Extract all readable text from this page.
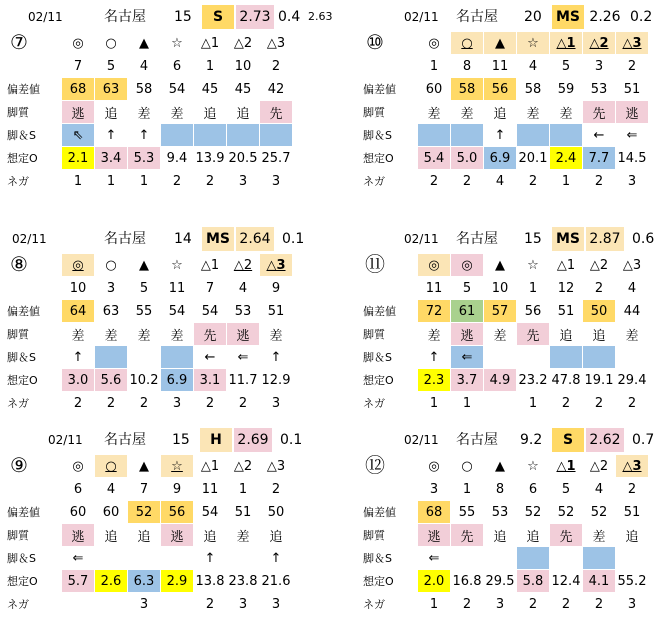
02/11	名古屋 15	S	2.73 0.4 2.63
⑦
		◎	○	▲	☆	△1	△2	△3
	7	5	4	6	1	10	2
偏差値	68	63	58	54	45	45	42
脚質	逃	追	差	差	追	追	先
脚＆S	⇖	↑	↑				
想定O	2.1	3.4	5.3	9.4	13.9	20.5	25.7
ネガ	1	1	1	2	2	3	3
02/11 名古屋 20 MS 2.26 0.2
⑩
		◎	○	▲	☆	△1	△2	△3
	1	8	11	4	5	3	2
偏差値	60	58	56	58	59	53	51
脚質	差	差	追	差	差	先	逃
脚＆S			↑			←	⇐
想定O	5.4	5.0	6.9	20.1	2.4	7.7	14.5
ネガ	2	2	4	2	1	2	3
02/11	名古屋 14 MS 2.64 0.1
⑧
		◎	○	▲	☆	△1	△2	△3
	10	3	5	11	7	4	9
偏差値	64	63	55	54	54	53	51
脚質	差	差	差	差	先	逃	差
脚＆S	↑				←	⇐	↑
想定O	3.0	5.6	10.2	6.9	3.1	11.7	12.9
ネガ	2	2	2	3	2	2	3
02/11 名古屋 15 MS 2.87 0.6
⑪
		◎	◎	▲	☆	△1	△2	△3
	11	5	10	1	12	2	4
偏差値	72	61	57	56	51	50	44
脚質	差	逃	差	先	追	追	差
脚＆S	↑	⇐					
想定O	2.3	3.7	4.9	23.2	47.8	19.1	29.4
ネガ	1	1		1	2	2	2
02/11 名古屋 15	H	2.69 0.1
⑨
		◎	○	▲	☆	△1	△2	△3
	6	4	7	9	11	1	2
偏差値	60	60	52	56	54	51	50
脚質	逃	追	追	逃	追	差	追
脚＆S	⇐				↑		↑
想定O	5.7	2.6	6.3	2.9	13.8	23.8	21.6
ネガ			3		2	3	3
02/11 名古屋 9.2	S	2.62 0.7
⑫
		◎	○	▲	☆	△1	△2	△3
	3	1	8	6	5	4	2
偏差値	68	55	53	52	52	52	51
脚質	逃	先	追	追	先	差	追
脚＆S	⇐						
想定O	2.0	16.8	29.5	5.8	12.4	4.1	55.2
ネガ	1	2	3	2	2	2	3
